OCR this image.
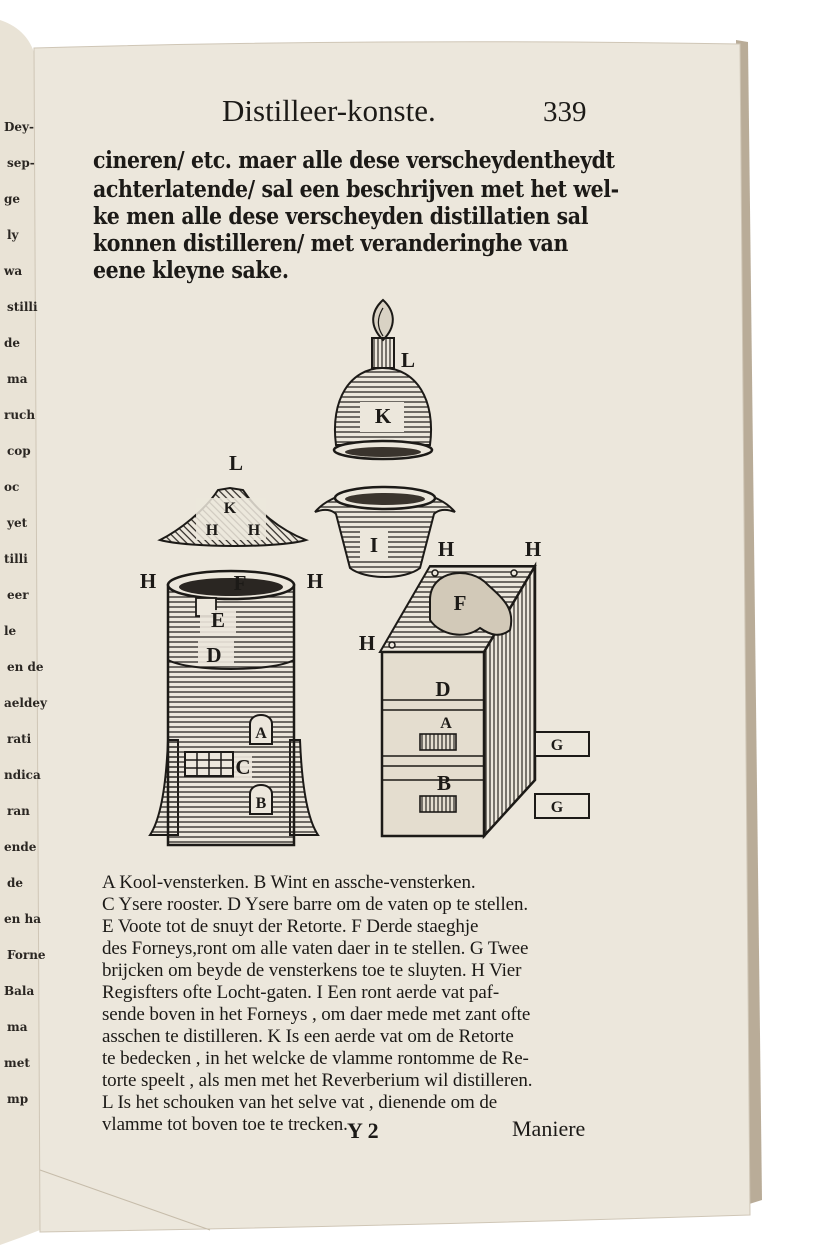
Dey-
sep-
ge
ly
wa
stilli
de
ma
ruch
cop
oc
yet
tilli
eer
le
en de
aeldey
rati
ndica
ran
ende
de
en ha
Forne
Bala
ma
met
mp

Distilleer-konste.	339

cineren/ etc. maer alle dese verscheydentheydt

achterlatende/ sal een beschrijven met het wel-

ke men alle dese verscheyden distillatien sal

konnen distilleren/ met veranderinghe van

eene kleyne sake.

K
L
I
L
K
H H
H	F	H
E
D
A
C
B
H	H
F
H
D
A
B
G
G

A Kool-vensterken. B Wint en assche-vensterken.

C Ysere rooster. D Ysere barre om de vaten op te stellen.

E Voote tot de snuyt der Retorte. F Derde staeghje

des Forneys,ront om alle vaten daer in te stellen. G Twee

brijcken om beyde de vensterkens toe te sluyten. H Vier

Regisfters ofte Locht-gaten. I Een ront aerde vat paf-

sende boven in het Forneys , om daer mede met zant ofte

asschen te distilleren. K Is een aerde vat om de Retorte

te bedecken , in het welcke de vlamme rontomme de Re-

torte speelt , als men met het Reverberium wil distilleren.

L Is het schouken van het selve vat , dienende om de

vlamme tot boven toe te trecken. Y 2	Maniere
